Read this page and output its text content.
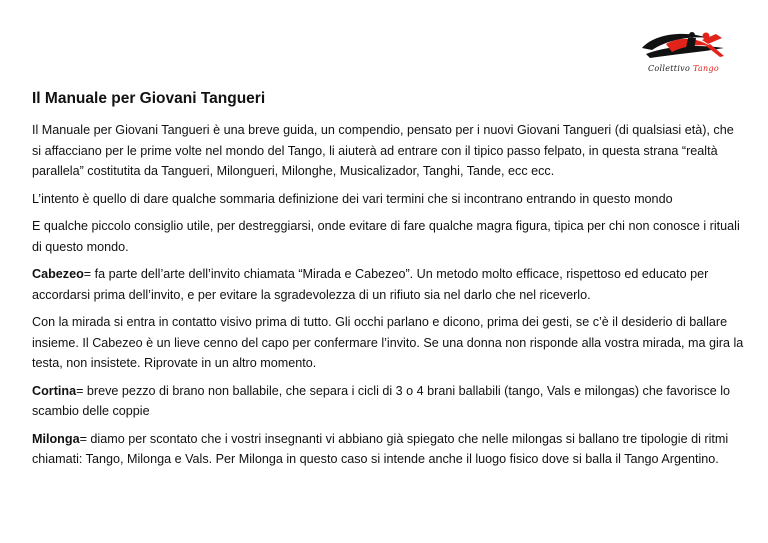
Collettivo Tango
Il Manuale per Giovani Tangueri

Il Manuale per Giovani Tangueri è una breve guida, un compendio, pensato per i nuovi Giovani Tangueri (di qualsiasi età), che si affacciano per le prime volte nel mondo del Tango, li aiuterà ad entrare con il tipico passo felpato, in questa strana “realtà parallela” costitutita da Tangueri, Milongueri, Milonghe, Musicalizador, Tanghi, Tande, ecc ecc.

L’intento è quello di dare qualche sommaria definizione dei vari termini che si incontrano entrando in questo mondo

E qualche piccolo consiglio utile, per destreggiarsi, onde evitare di fare qualche magra figura, tipica per chi non conosce i rituali di questo mondo.

Cabezeo= fa parte dell’arte dell’invito chiamata “Mirada e Cabezeo”. Un metodo molto efficace, rispettoso ed educato per accordarsi prima dell’invito, e per evitare la sgradevolezza di un rifiuto sia nel darlo che nel riceverlo.

Con la mirada si entra in contatto visivo prima di tutto. Gli occhi parlano e dicono, prima dei gesti, se c’è il desiderio di ballare insieme. Il Cabezeo è un lieve cenno del capo per confermare l’invito. Se una donna non risponde alla vostra mirada, ma gira la testa, non insistete. Riprovate in un altro momento.

Cortina= breve pezzo di brano non ballabile, che separa i cicli di 3 o 4 brani ballabili (tango, Vals e milongas) che favorisce lo scambio delle coppie

Milonga= diamo per scontato che i vostri insegnanti vi abbiano già spiegato che nelle milongas si ballano tre tipologie di ritmi chiamati: Tango, Milonga e Vals. Per Milonga in questo caso si intende anche il luogo fisico dove si balla il Tango Argentino.
